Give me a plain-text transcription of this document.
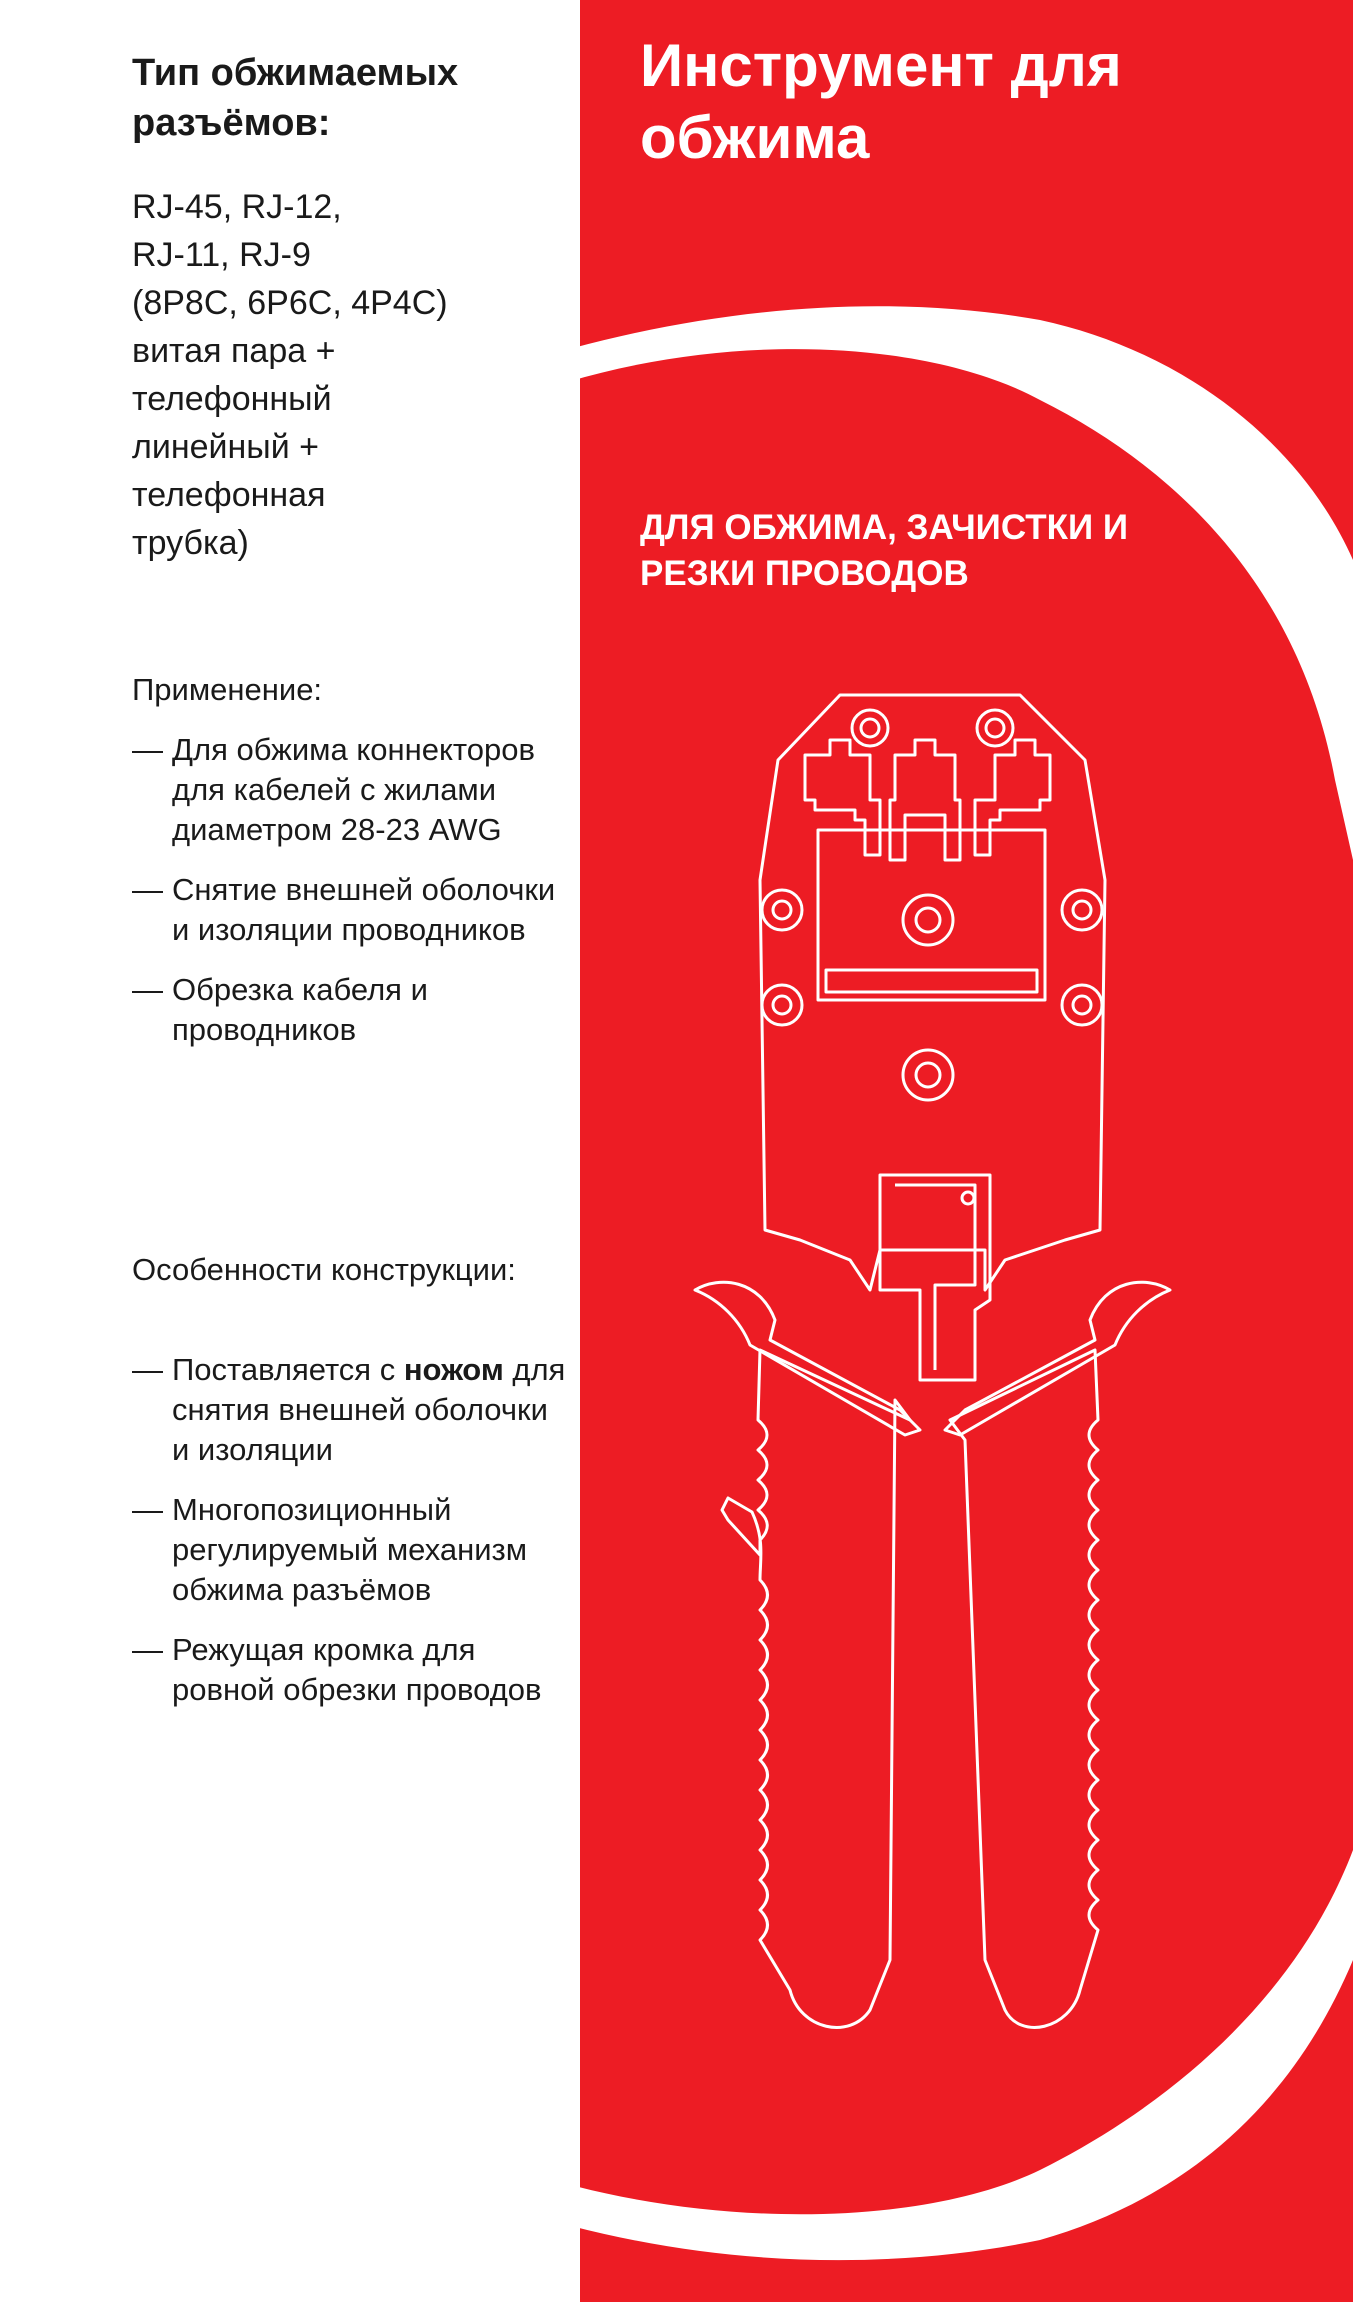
Тип обжимаемых разъёмов:
RJ-45, RJ-12,
RJ-11, RJ-9
(8P8C, 6P6C, 4P4C)
витая пара +
телефонный
линейный +
телефонная
трубка)
Применение:
— Для обжима коннекторов для кабелей с жилами диаметром 28-23 AWG
— Снятие внешней оболочки и изоляции проводников
— Обрезка кабеля и проводников
Особенности конструкции:
— Поставляется с ножом для снятия внешней оболочки и изоляции
— Многопозиционный регулируемый механизм обжима разъёмов
— Режущая кромка для ровной обрезки проводов
Инструмент для обжима
ДЛЯ ОБЖИМА, ЗАЧИСТКИ И РЕЗКИ ПРОВОДОВ
